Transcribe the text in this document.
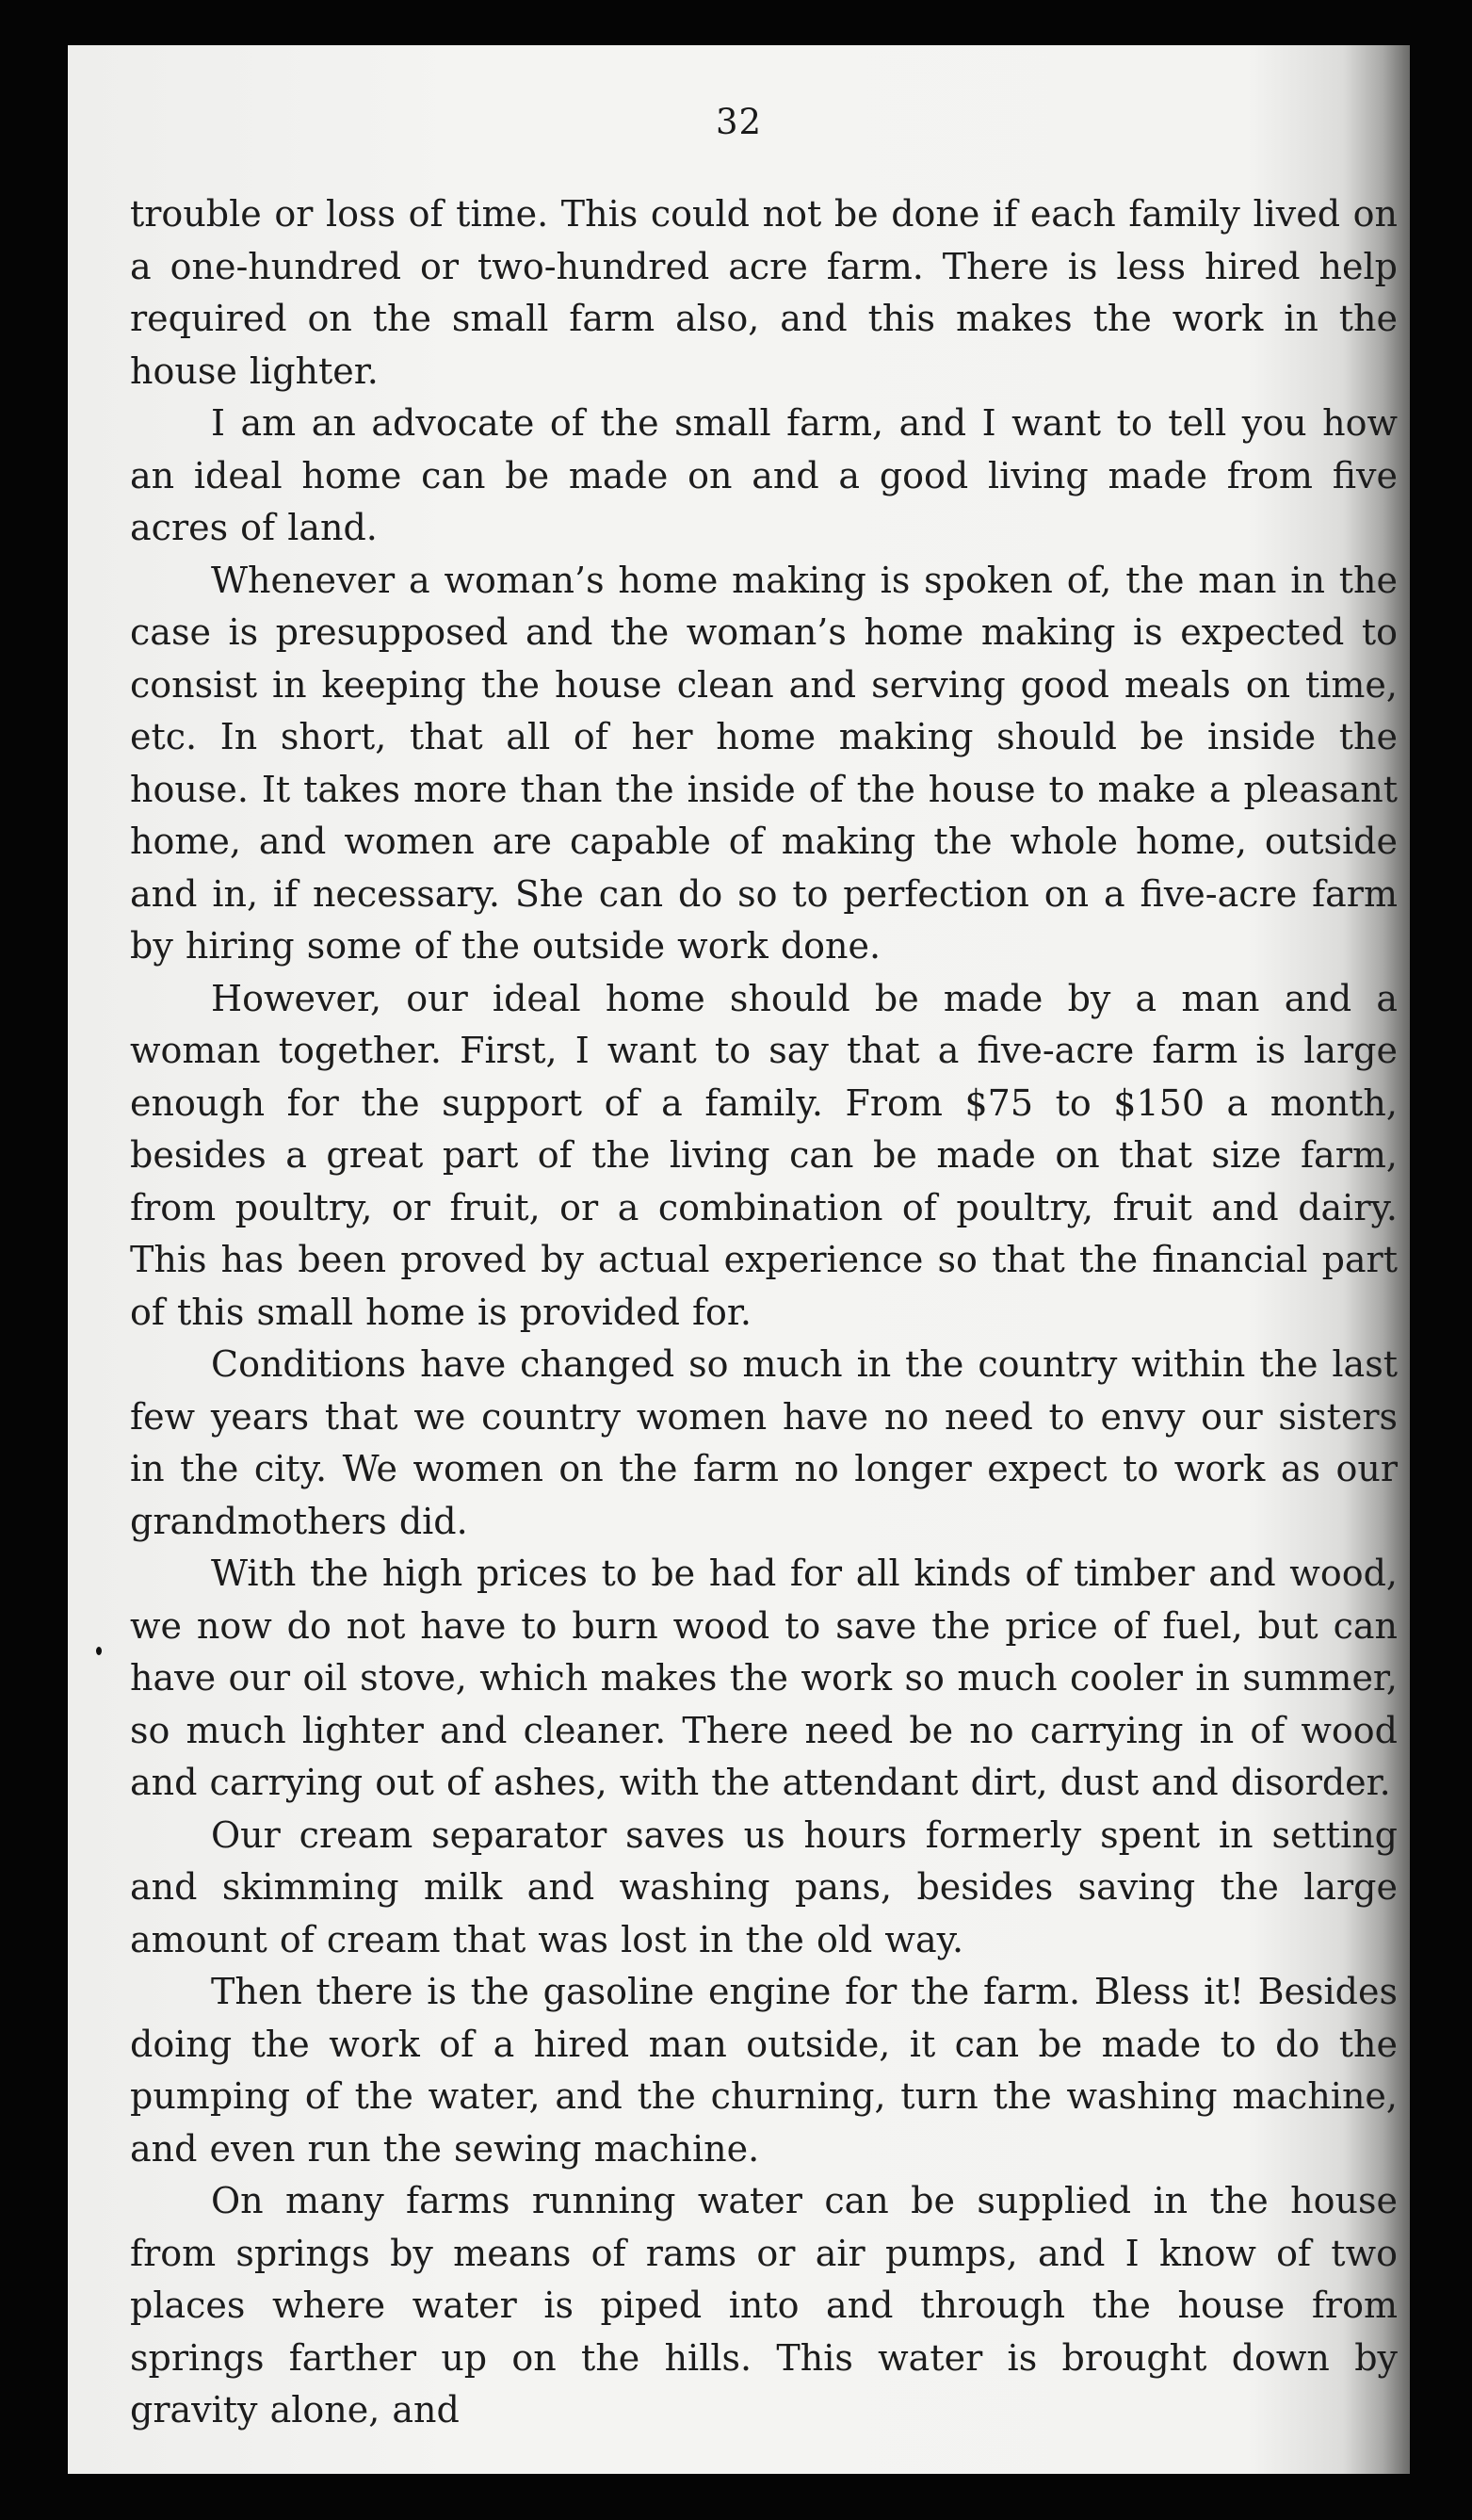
32

trouble or loss of time. This could not be done if each family lived on a one-hundred or two-hundred acre farm. There is less hired help required on the small farm also, and this makes the work in the house lighter.

I am an advocate of the small farm, and I want to tell you how an ideal home can be made on and a good living made from five acres of land.

Whenever a woman’s home making is spoken of, the man in the case is presupposed and the woman’s home making is expected to consist in keeping the house clean and serving good meals on time, etc. In short, that all of her home making should be inside the house. It takes more than the inside of the house to make a pleasant home, and women are capable of making the whole home, outside and in, if necessary. She can do so to perfection on a five-acre farm by hiring some of the outside work done.

However, our ideal home should be made by a man and a woman together. First, I want to say that a five-acre farm is large enough for the support of a family. From $75 to $150 a month, besides a great part of the living can be made on that size farm, from poultry, or fruit, or a combination of poultry, fruit and dairy. This has been proved by actual experience so that the financial part of this small home is provided for.

Conditions have changed so much in the country within the last few years that we country women have no need to envy our sisters in the city. We women on the farm no longer expect to work as our grandmothers did.

With the high prices to be had for all kinds of timber and wood, we now do not have to burn wood to save the price of fuel, but can have our oil stove, which makes the work so much cooler in summer, so much lighter and cleaner. There need be no carrying in of wood and carrying out of ashes, with the attendant dirt, dust and disorder.

Our cream separator saves us hours formerly spent in setting and skimming milk and washing pans, besides saving the large amount of cream that was lost in the old way.

Then there is the gasoline engine for the farm. Bless it! Besides doing the work of a hired man outside, it can be made to do the pumping of the water, and the churning, turn the washing machine, and even run the sewing machine.

On many farms running water can be supplied in the house from springs by means of rams or air pumps, and I know of two places where water is piped into and through the house from springs farther up on the hills. This water is brought down by gravity alone, and
